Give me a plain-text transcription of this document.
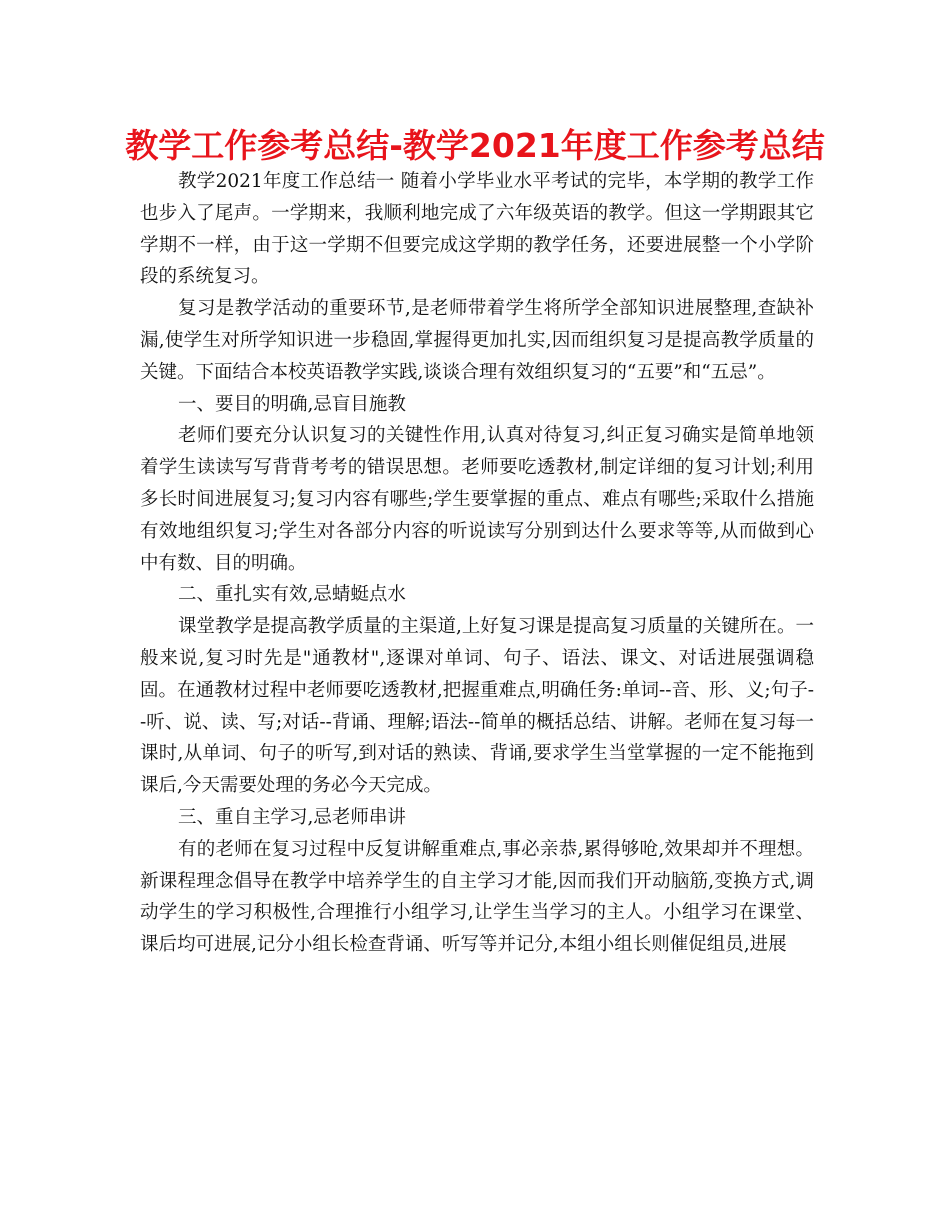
教学工作参考总结-教学2021年度工作参考总结

教学2021年度工作总结一 随着小学毕业水平考试的完毕，本学期的教学工作也步入了尾声。一学期来，我顺利地完成了六年级英语的教学。但这一学期跟其它学期不一样，由于这一学期不但要完成这学期的教学任务，还要进展整一个小学阶段的系统复习。

复习是教学活动的重要环节,是老师带着学生将所学全部知识进展整理,查缺补漏,使学生对所学知识进一步稳固,掌握得更加扎实,因而组织复习是提高教学质量的关键。下面结合本校英语教学实践,谈谈合理有效组织复习的“五要”和“五忌”。

一、要目的明确,忌盲目施教

老师们要充分认识复习的关键性作用,认真对待复习,纠正复习确实是简单地领着学生读读写写背背考考的错误思想。老师要吃透教材,制定详细的复习计划;利用多长时间进展复习;复习内容有哪些;学生要掌握的重点、难点有哪些;采取什么措施有效地组织复习;学生对各部分内容的听说读写分别到达什么要求等等,从而做到心中有数、目的明确。

二、重扎实有效,忌蜻蜓点水

课堂教学是提高教学质量的主渠道,上好复习课是提高复习质量的关键所在。一般来说,复习时先是"通教材",逐课对单词、句子、语法、课文、对话进展强调稳固。在通教材过程中老师要吃透教材,把握重难点,明确任务:单词--音、形、义;句子--听、说、读、写;对话--背诵、理解;语法--简单的概括总结、讲解。老师在复习每一课时,从单词、句子的听写,到对话的熟读、背诵,要求学生当堂掌握的一定不能拖到课后,今天需要处理的务必今天完成。

三、重自主学习,忌老师串讲

有的老师在复习过程中反复讲解重难点,事必亲恭,累得够呛,效果却并不理想。新课程理念倡导在教学中培养学生的自主学习才能,因而我们开动脑筋,变换方式,调动学生的学习积极性,合理推行小组学习,让学生当学习的主人。小组学习在课堂、课后均可进展,记分小组长检查背诵、听写等并记分,本组小组长则催促组员,进展
